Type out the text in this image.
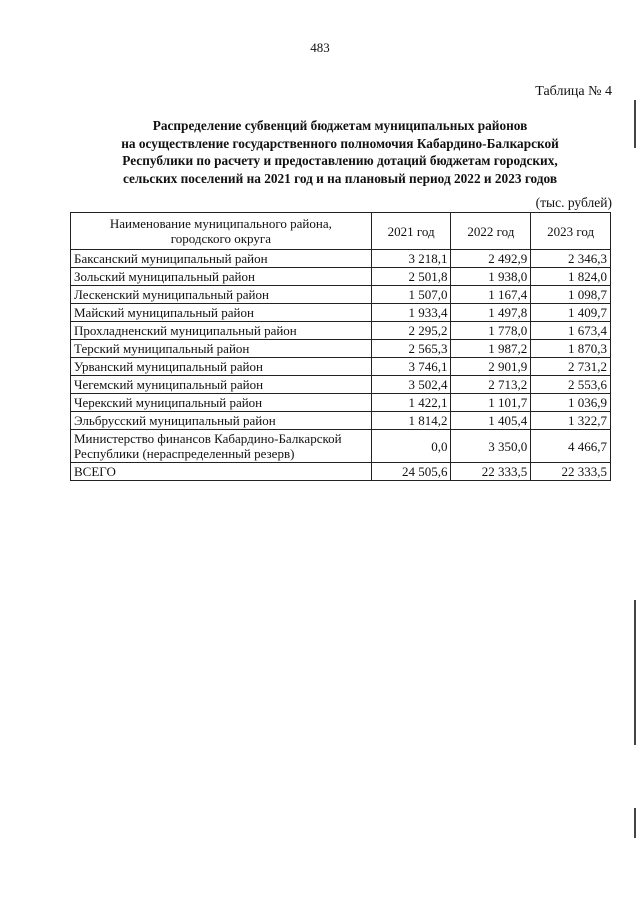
483
Таблица № 4
Распределение субвенций бюджетам муниципальных районов
на осуществление государственного полномочия Кабардино-Балкарской
Республики по расчету и предоставлению дотаций бюджетам городских,
сельских поселений на 2021 год и на плановый период 2022 и 2023 годов
(тыс. рублей)
Наименование муниципального района,
городского округа	2021 год	2022 год	2023 год
Баксанский муниципальный район	3 218,1	2 492,9	2 346,3
Зольский муниципальный район	2 501,8	1 938,0	1 824,0
Лескенский муниципальный район	1 507,0	1 167,4	1 098,7
Майский муниципальный район	1 933,4	1 497,8	1 409,7
Прохладненский муниципальный район	2 295,2	1 778,0	1 673,4
Терский муниципальный район	2 565,3	1 987,2	1 870,3
Урванский муниципальный район	3 746,1	2 901,9	2 731,2
Чегемский муниципальный район	3 502,4	2 713,2	2 553,6
Черекский муниципальный район	1 422,1	1 101,7	1 036,9
Эльбрусский муниципальный район	1 814,2	1 405,4	1 322,7
Министерство финансов Кабардино-Балкарской
Республики (нераспределенный резерв)	0,0	3 350,0	4 466,7
ВСЕГО	24 505,6	22 333,5	22 333,5
